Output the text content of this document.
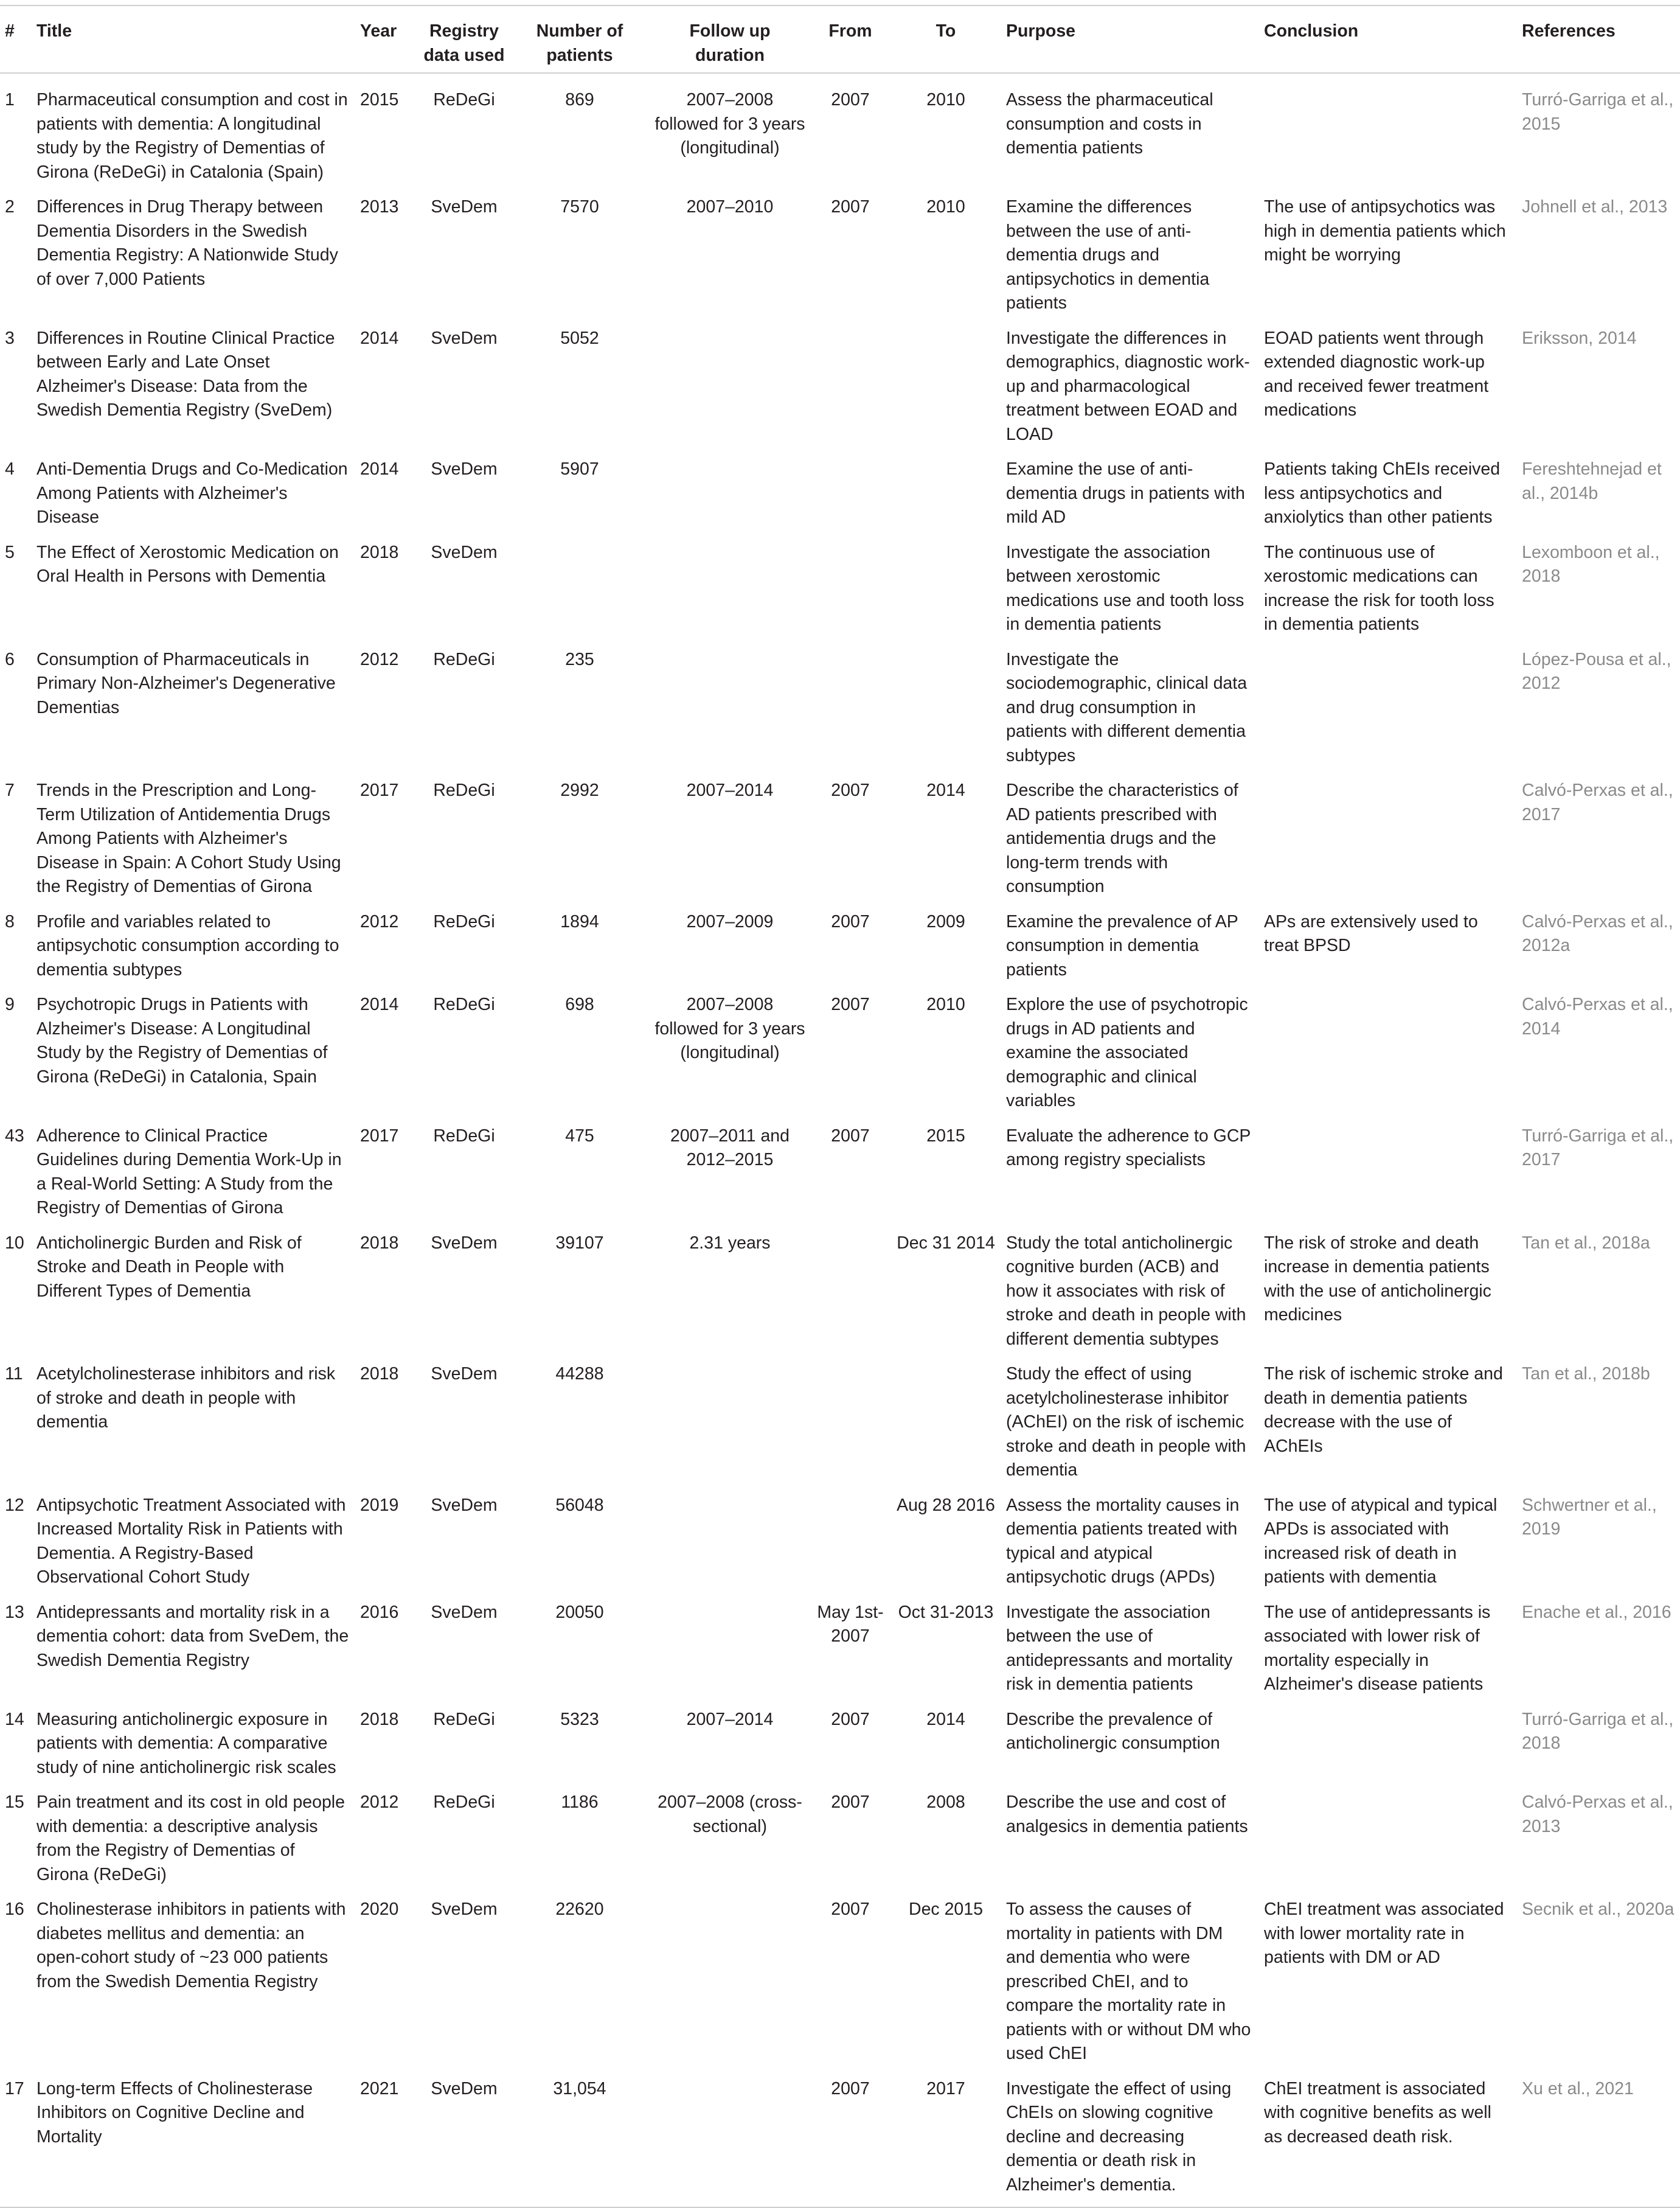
#	Title	Year	Registry data used	Number of patients	Follow up duration	From	To	Purpose	Conclusion	References
1	Pharmaceutical consumption and cost in patients with dementia: A longitudinal study by the Registry of Dementias of Girona (ReDeGi) in Catalonia (Spain)	2015	ReDeGi	869	2007–2008 followed for 3 years (longitudinal)	2007	2010	Assess the pharmaceutical consumption and costs in dementia patients		Turró-Garriga et al., 2015
2	Differences in Drug Therapy between Dementia Disorders in the Swedish Dementia Registry: A Nationwide Study of over 7,000 Patients	2013	SveDem	7570	2007–2010	2007	2010	Examine the differences between the use of anti-dementia drugs and antipsychotics in dementia patients	The use of antipsychotics was high in dementia patients which might be worrying	Johnell et al., 2013
3	Differences in Routine Clinical Practice between Early and Late Onset Alzheimer's Disease: Data from the Swedish Dementia Registry (SveDem)	2014	SveDem	5052				Investigate the differences in demographics, diagnostic work-up and pharmacological treatment between EOAD and LOAD	EOAD patients went through extended diagnostic work-up and received fewer treatment medications	Eriksson, 2014
4	Anti-Dementia Drugs and Co-Medication Among Patients with Alzheimer's Disease	2014	SveDem	5907				Examine the use of anti-dementia drugs in patients with mild AD	Patients taking ChEIs received less antipsychotics and anxiolytics than other patients	Fereshtehnejad et al., 2014b
5	The Effect of Xerostomic Medication on Oral Health in Persons with Dementia	2018	SveDem					Investigate the association between xerostomic medications use and tooth loss in dementia patients	The continuous use of xerostomic medications can increase the risk for tooth loss in dementia patients	Lexomboon et al., 2018
6	Consumption of Pharmaceuticals in Primary Non-Alzheimer's Degenerative Dementias	2012	ReDeGi	235				Investigate the sociodemographic, clinical data and drug consumption in patients with different dementia subtypes		López-Pousa et al., 2012
7	Trends in the Prescription and Long-Term Utilization of Antidementia Drugs Among Patients with Alzheimer's Disease in Spain: A Cohort Study Using the Registry of Dementias of Girona	2017	ReDeGi	2992	2007–2014	2007	2014	Describe the characteristics of AD patients prescribed with antidementia drugs and the long-term trends with consumption		Calvó-Perxas et al., 2017
8	Profile and variables related to antipsychotic consumption according to dementia subtypes	2012	ReDeGi	1894	2007–2009	2007	2009	Examine the prevalence of AP consumption in dementia patients	APs are extensively used to treat BPSD	Calvó-Perxas et al., 2012a
9	Psychotropic Drugs in Patients with Alzheimer's Disease: A Longitudinal Study by the Registry of Dementias of Girona (ReDeGi) in Catalonia, Spain	2014	ReDeGi	698	2007–2008 followed for 3 years (longitudinal)	2007	2010	Explore the use of psychotropic drugs in AD patients and examine the associated demographic and clinical variables		Calvó-Perxas et al., 2014
43	Adherence to Clinical Practice Guidelines during Dementia Work-Up in a Real-World Setting: A Study from the Registry of Dementias of Girona	2017	ReDeGi	475	2007–2011 and 2012–2015	2007	2015	Evaluate the adherence to GCP among registry specialists		Turró-Garriga et al., 2017
10	Anticholinergic Burden and Risk of Stroke and Death in People with Different Types of Dementia	2018	SveDem	39107	2.31 years		Dec 31 2014	Study the total anticholinergic cognitive burden (ACB) and how it associates with risk of stroke and death in people with different dementia subtypes	The risk of stroke and death increase in dementia patients with the use of anticholinergic medicines	Tan et al., 2018a
11	Acetylcholinesterase inhibitors and risk of stroke and death in people with dementia	2018	SveDem	44288				Study the effect of using acetylcholinesterase inhibitor (AChEI) on the risk of ischemic stroke and death in people with dementia	The risk of ischemic stroke and death in dementia patients decrease with the use of AChEIs	Tan et al., 2018b
12	Antipsychotic Treatment Associated with Increased Mortality Risk in Patients with Dementia. A Registry-Based Observational Cohort Study	2019	SveDem	56048			Aug 28 2016	Assess the mortality causes in dementia patients treated with typical and atypical antipsychotic drugs (APDs)	The use of atypical and typical APDs is associated with increased risk of death in patients with dementia	Schwertner et al., 2019
13	Antidepressants and mortality risk in a dementia cohort: data from SveDem, the Swedish Dementia Registry	2016	SveDem	20050		May 1st-2007	Oct 31-2013	Investigate the association between the use of antidepressants and mortality risk in dementia patients	The use of antidepressants is associated with lower risk of mortality especially in Alzheimer's disease patients	Enache et al., 2016
14	Measuring anticholinergic exposure in patients with dementia: A comparative study of nine anticholinergic risk scales	2018	ReDeGi	5323	2007–2014	2007	2014	Describe the prevalence of anticholinergic consumption		Turró-Garriga et al., 2018
15	Pain treatment and its cost in old people with dementia: a descriptive analysis from the Registry of Dementias of Girona (ReDeGi)	2012	ReDeGi	1186	2007–2008 (cross-sectional)	2007	2008	Describe the use and cost of analgesics in dementia patients		Calvó-Perxas et al., 2013
16	Cholinesterase inhibitors in patients with diabetes mellitus and dementia: an open-cohort study of ~23 000 patients from the Swedish Dementia Registry	2020	SveDem	22620		2007	Dec 2015	To assess the causes of mortality in patients with DM and dementia who were prescribed ChEI, and to compare the mortality rate in patients with or without DM who used ChEI	ChEI treatment was associated with lower mortality rate in patients with DM or AD	Secnik et al., 2020a
17	Long-term Effects of Cholinesterase Inhibitors on Cognitive Decline and Mortality	2021	SveDem	31,054		2007	2017	Investigate the effect of using ChEIs on slowing cognitive decline and decreasing dementia or death risk in Alzheimer's dementia.	ChEI treatment is associated with cognitive benefits as well as decreased death risk.	Xu et al., 2021
